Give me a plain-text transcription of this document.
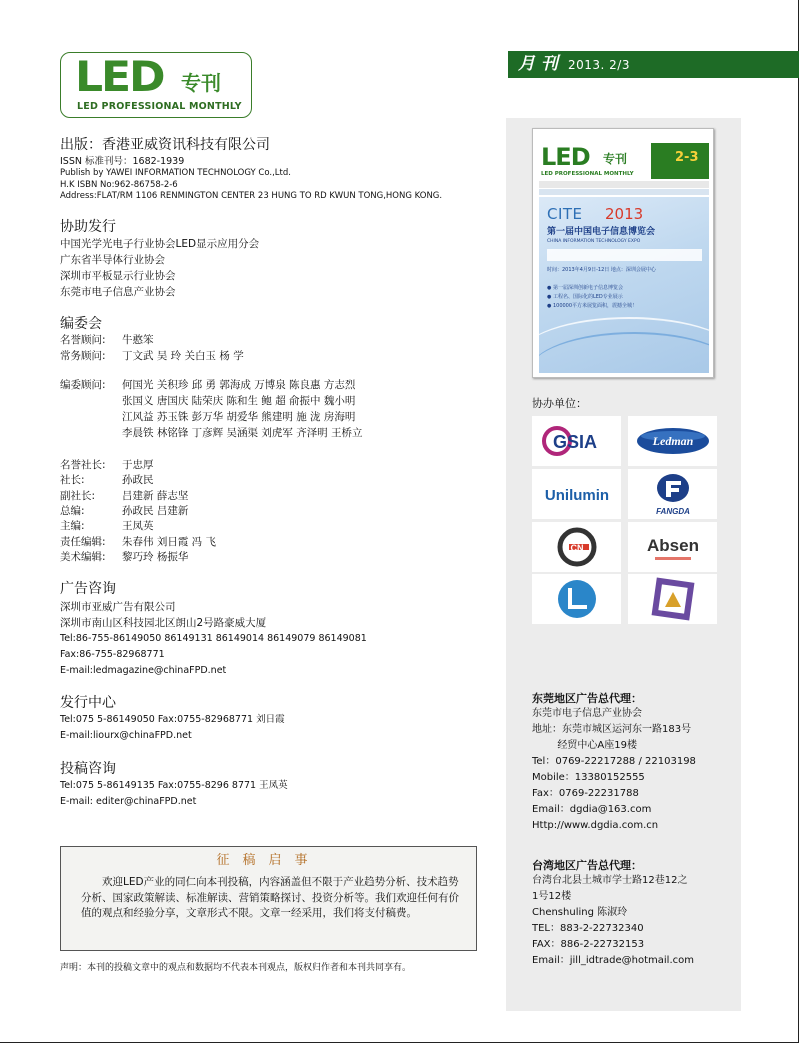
LED 专刊
LED PROFESSIONAL MONTHLY
月 刊 2013. 2/3
出版：香港亚威资讯科技有限公司
ISSN 标准刊号：1682-1939
Publish by YAWEI INFORMATION TECHNOLOGY Co.,Ltd.
H.K ISBN No:962-86758-2-6
Address:FLAT/RM 1106 RENMINGTON CENTER 23 HUNG TO RD KWUN TONG,HONG KONG.
协助发行
中国光学光电子行业协会LED显示应用分会
广东省半导体行业协会
深圳市平板显示行业协会
东莞市电子信息产业协会
编委会
名誉顾问: 牛憨笨
常务顾问: 丁文武 吴 玲 关白玉 杨 学
编委顾问: 何国光 关积珍 邱 勇 郭海成 万博泉 陈良惠 方志烈
张国义 唐国庆 陆荣庆 陈和生 鲍 超 俞振中 魏小明
江风益 苏玉铢 彭万华 胡爱华 熊建明 施 泷 房海明
李晨铁 林铭锋 丁彦辉 吴涵渠 刘虎军 齐泽明 王桥立
名誉社长: 于忠厚
社长:	孙政民
副社长:	吕建新 薛志坚
总编:	孙政民 吕建新
主编:	王凤英
责任编辑: 朱春伟 刘日霞 冯 飞
美术编辑: 黎巧玲 杨振华
广告咨询
深圳市亚威广告有限公司
深圳市南山区科技园北区朗山2号路豪威大厦
Tel:86-755-86149050 86149131 86149014 86149079 86149081
Fax:86-755-82968771
E-mail:ledmagazine@chinaFPD.net
发行中心
Tel:075 5-86149050 Fax:0755-82968771 刘日霞
E-mail:liourx@chinaFPD.net
投稿咨询
Tel:075 5-86149135 Fax:0755-8296 8771 王凤英
E-mail: editer@chinaFPD.net
征稿启事
欢迎LED产业的同仁向本刊投稿，内容涵盖但不限于产业趋势分析、技术趋势分析、国家政策解读、标准解读、营销策略探讨、投资分析等。我们欢迎任何有价值的观点和经验分享，文章形式不限。文章一经采用，我们将支付稿费。
声明：本刊的投稿文章中的观点和数据均不代表本刊观点，版权归作者和本刊共同享有。
LED 专刊
LED PROFESSIONAL MONTHLY
2-3
CITE 2013
第一届中国电子信息博览会
CHINA INFORMATION TECHNOLOGY EXPO
时间：2013年4月9日-12日 地点：深圳会展中心
● 第一届深圳创新电子信息博览会
● 工程名、国际化的LED专业展示
● 100000平方米展览面积，震撼全城！
协办单位：
GSIA	Ledman
Unilumin
FANGDA
CN	Absen
L	Q
东莞地区广告总代理：
东莞市电子信息产业协会
地址：东莞市城区运河东一路183号
经贸中心A座19楼
Tel：0769-22217288 / 22103198
Mobile：13380152555
Fax：0769-22231788
Email：dgdia@163.com
Http://www.dgdia.com.cn
台湾地区广告总代理：
台湾台北县土城市学士路12巷12之
1号12楼
Chenshuling 陈淑玲
TEL：883-2-22732340
FAX：886-2-22732153
Email：jill_idtrade@hotmail.com
